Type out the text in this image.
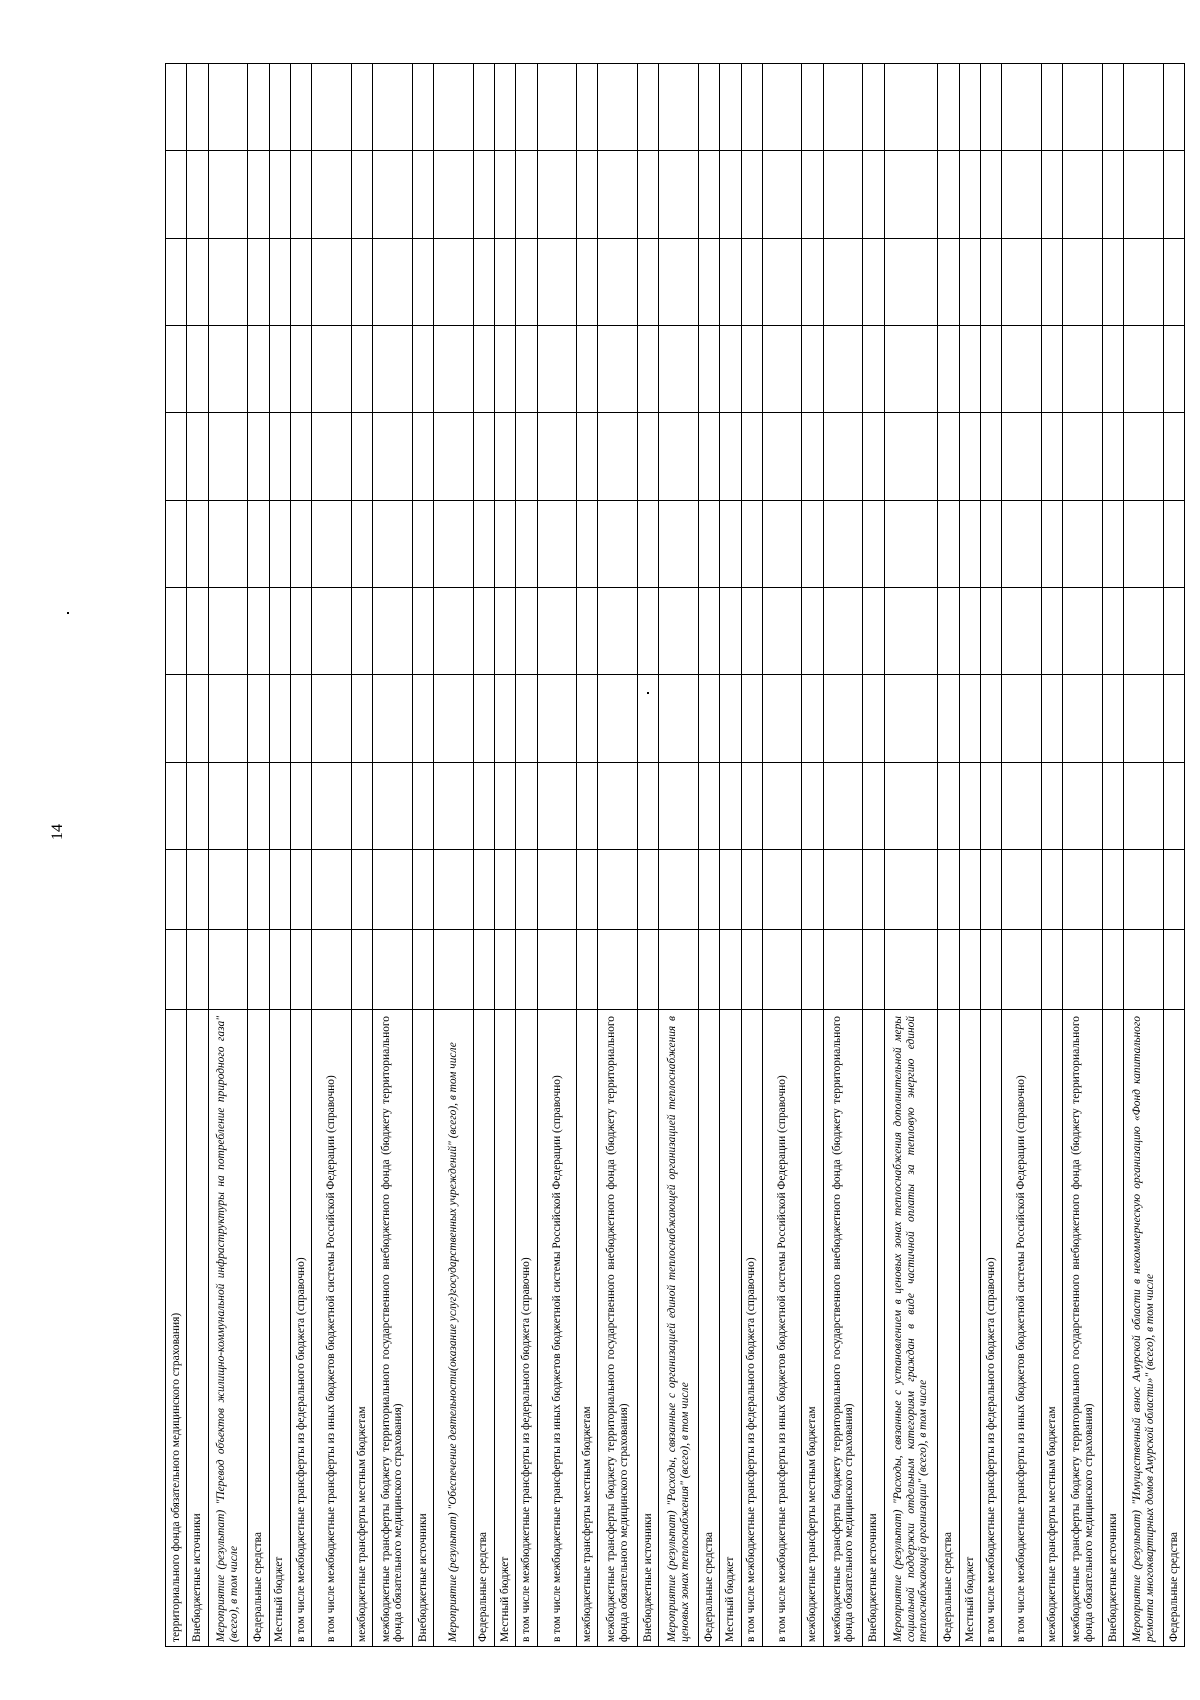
14
территориального фонда обязательного медицинского страхования) Внебюджетные источники Мероприятие (результат) "Перевод объектов жилищно-коммунальной инфраструктуры на потребление природного газа" (всего), в том числе Федеральные средства Местный бюджет в том числе межбюджетные трансферты из федерального бюджета (справочно) в том числе межбюджетные трансферты из иных бюджетов бюджетной системы Российской Федерации (справочно) межбюджетные трансферты местным бюджетам межбюджетные трансферты бюджету территориального государственного внебюджетного фонда (бюджету территориального фонда обязательного медицинского страхования) Внебюджетные источники Мероприятие (результат) "Обеспечение деятельности(оказание услуг)государственных учреждений" (всего), в том числе Федеральные средства Местный бюджет в том числе межбюджетные трансферты из федерального бюджета (справочно) в том числе межбюджетные трансферты из иных бюджетов бюджетной системы Российской Федерации (справочно) межбюджетные трансферты местным бюджетам межбюджетные трансферты бюджету территориального государственного внебюджетного фонда (бюджету территориального фонда обязательного медицинского страхования) Внебюджетные источники Мероприятие (результат) "Расходы, связанные с организацией единой теплоснабжающей организацией теплоснабжения в ценовых зонах теплоснабжения" (всего), в том числе Федеральные средства Местный бюджет в том числе межбюджетные трансферты из федерального бюджета (справочно) в том числе межбюджетные трансферты из иных бюджетов бюджетной системы Российской Федерации (справочно) межбюджетные трансферты местным бюджетам межбюджетные трансферты бюджету территориального государственного внебюджетного фонда (бюджету территориального фонда обязательного медицинского страхования) Внебюджетные источники Мероприятие (результат) "Расходы, связанные с установлением в ценовых зонах теплоснабжения дополнительной меры социальной поддержки отдельным категориям граждан в виде частичной оплаты за тепловую энергию единой теплоснабжающей организации" (всего), в том числе Федеральные средства Местный бюджет в том числе межбюджетные трансферты из федерального бюджета (справочно) в том числе межбюджетные трансферты из иных бюджетов бюджетной системы Российской Федерации (справочно) межбюджетные трансферты местным бюджетам межбюджетные трансферты бюджету территориального государственного внебюджетного фонда (бюджету территориального фонда обязательного медицинского страхования) Внебюджетные источники Мероприятие (результат) "Имущественный взнос Амурской области в некоммерческую организацию «Фонд капитального ремонта многоквартирных домов Амурской области»" (всего), в том числе Федеральные средства
